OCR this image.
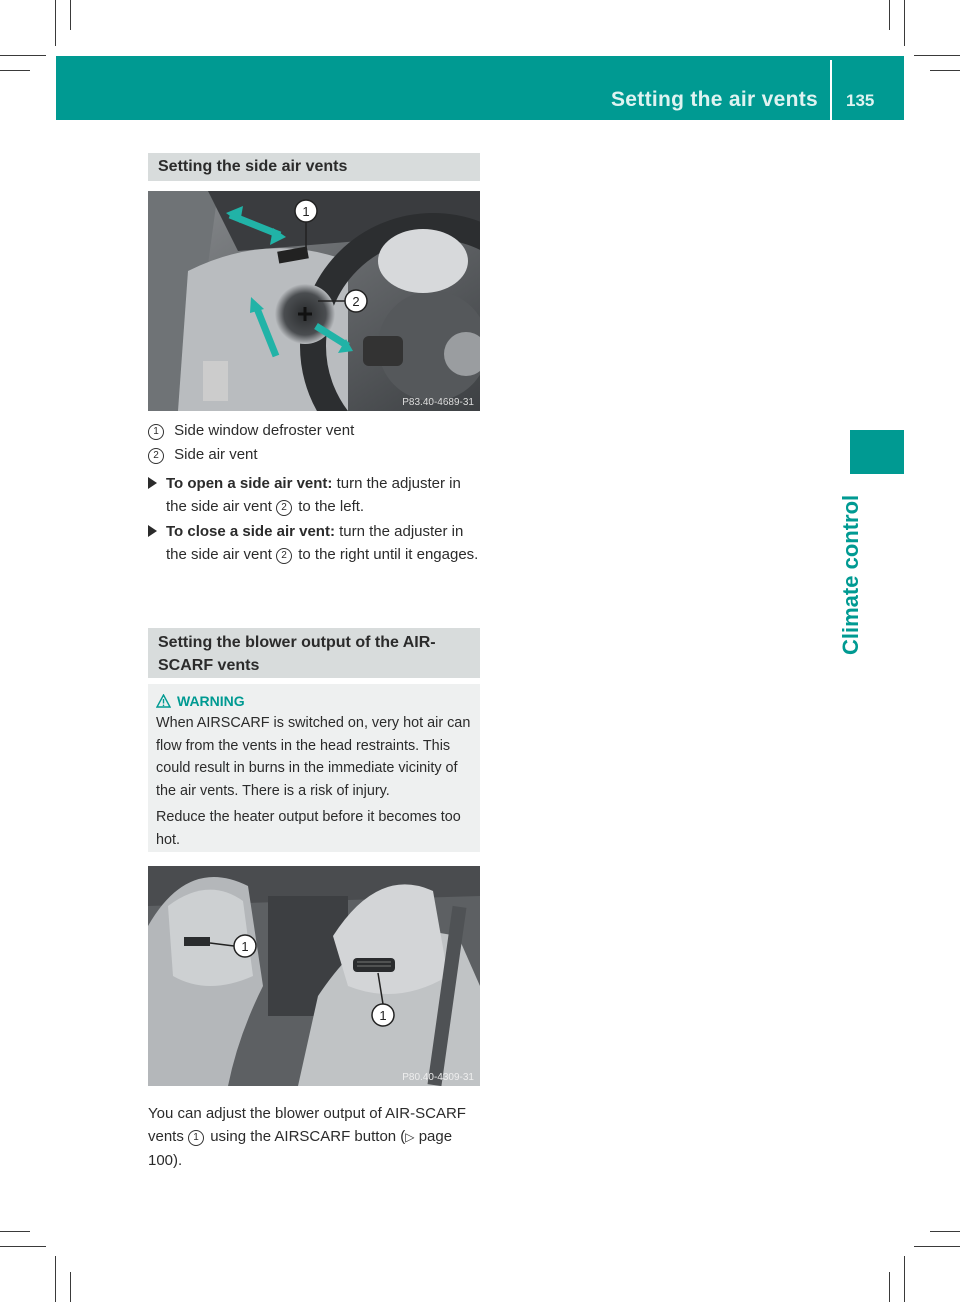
Setting the air vents 135
Climate control
Setting the side air vents
1
2
P83.40-4689-31
1 Side window defroster vent
2 Side air vent
To open a side air vent: turn the adjuster in the side air vent 2 to the left.
To close a side air vent: turn the adjuster in the side air vent 2 to the right until it engages.
Setting the blower output of the AIR-
SCARF vents
WARNING
When AIRSCARF is switched on, very hot air can flow from the vents in the head restraints. This could result in burns in the immediate vicinity of the air vents. There is a risk of injury.
Reduce the heater output before it becomes too hot.
1
1
P80.40-4309-31
You can adjust the blower output of AIR-SCARF vents 1 using the AIRSCARF button (▷ page 100).
